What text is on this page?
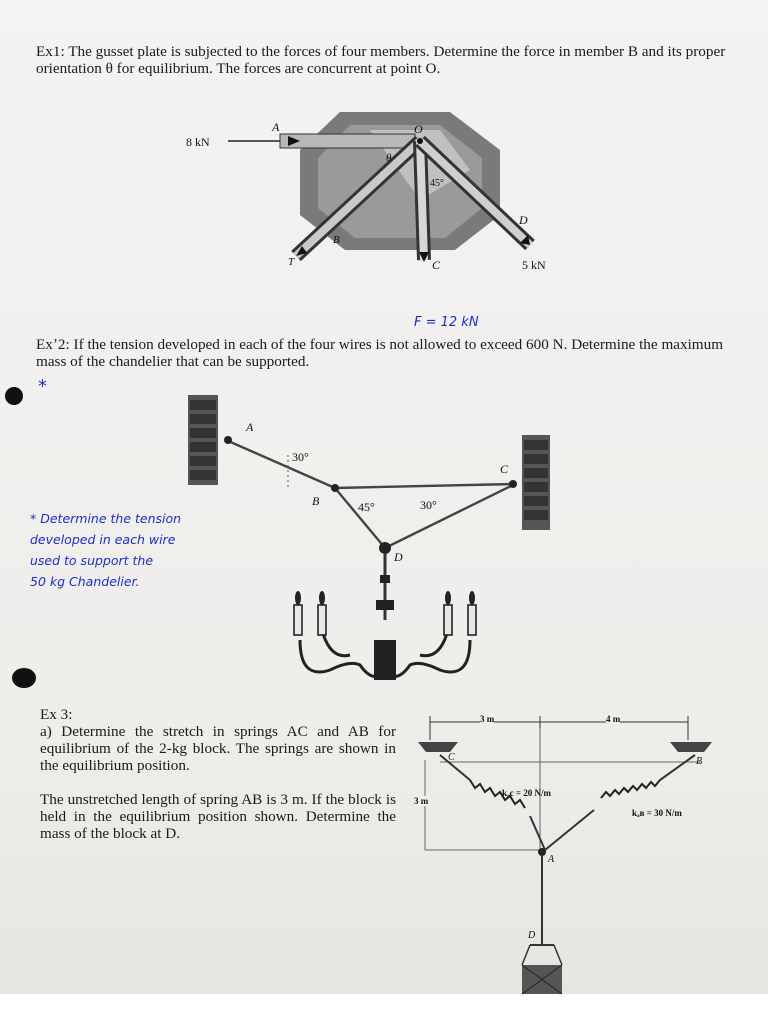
Ex1: The gusset plate is subjected to the forces of four members. Determine the force in member B and its proper orientation θ for equilibrium. The forces are concurrent at point O.

8 kN
A	O
θ
45°
B
T	C
D
5 kN
F = 12 kN

Exʼ2: If the tension developed in each of the four wires is not allowed to exceed 600 N. Determine the maximum mass of the chandelier that can be supported.

*
A
30°
B	45°	30°
C
D
* Determine the tension
developed in each wire
used to support the
50 kg Chandelier.

Ex 3:

a) Determine the stretch in springs AC and AB for equilibrium of the 2-kg block. The springs are shown in the equilibrium position.

The unstretched length of spring AB is 3 m. If the block is held in the equilibrium position shown. Determine the mass of the block at D.

3 m	4 m
3 m
C	B
kₐc = 20 N/m
kₐʙ = 30 N/m
A
D
